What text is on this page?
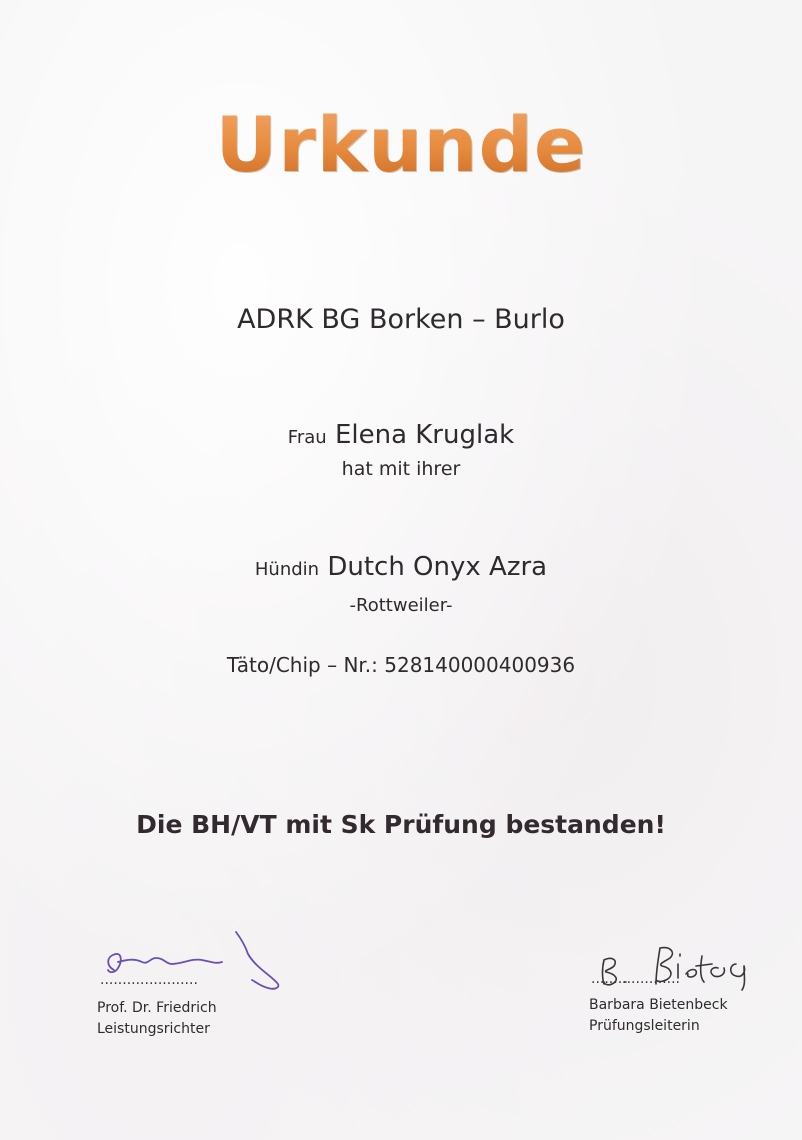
Urkunde
ADRK BG Borken – Burlo
Frau Elena Kruglak
hat mit ihrer
Hündin Dutch Onyx Azra
-Rottweiler-
Täto/Chip – Nr.: 528140000400936
Die BH/VT mit Sk Prüfung bestanden!
......................
Prof. Dr. Friedrich
Leistungsrichter
....................
Barbara Bietenbeck
Prüfungsleiterin
